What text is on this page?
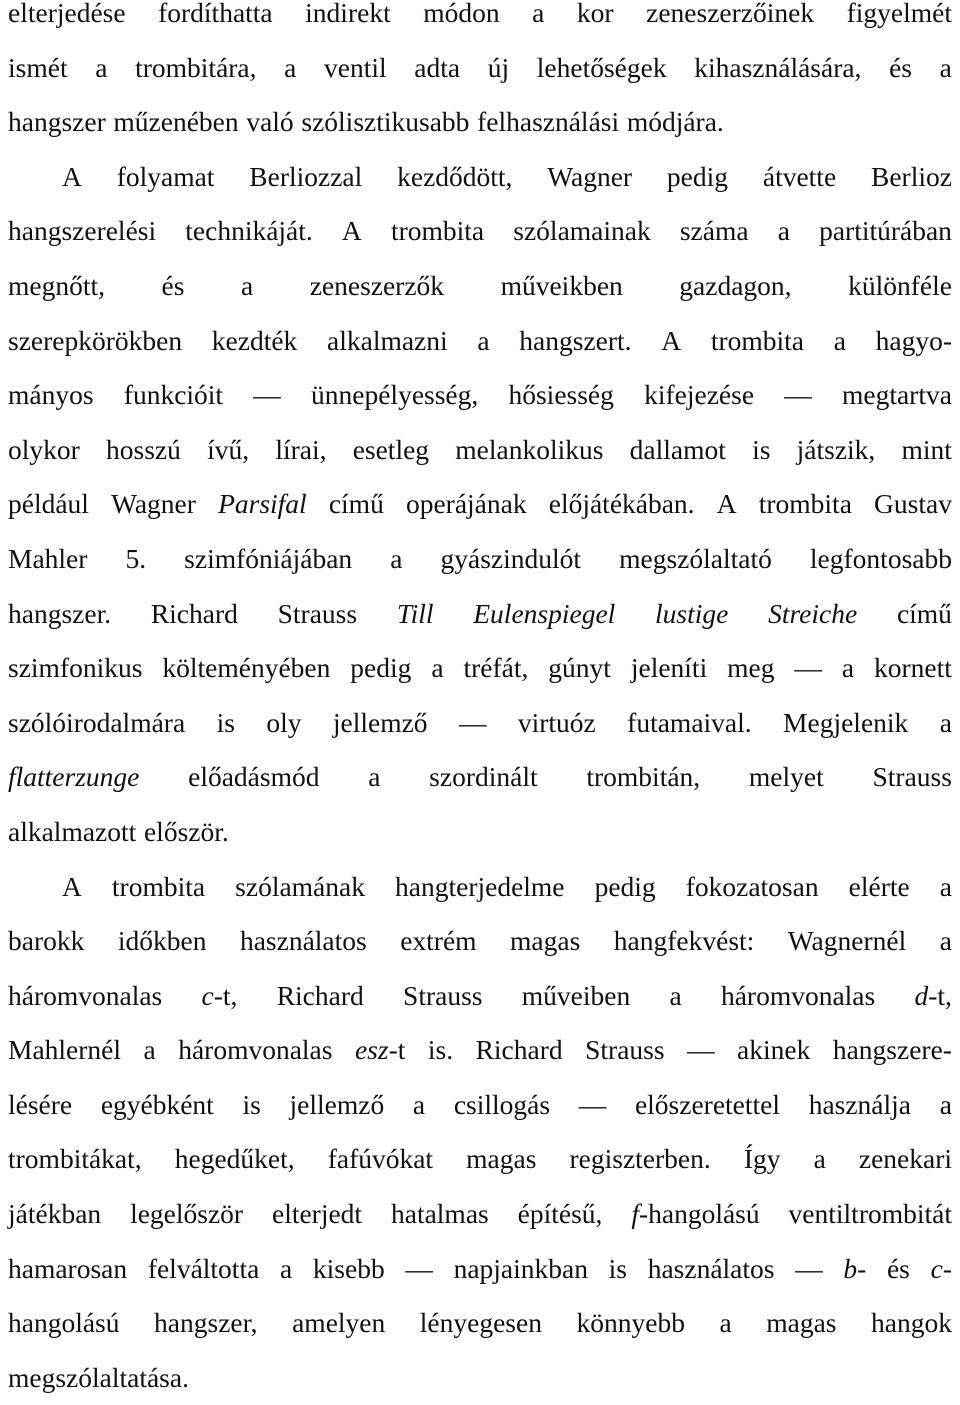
elterjedése fordíthatta indirekt módon a kor zeneszerzőinek figyelmét
ismét a trombitára, a ventil adta új lehetőségek kihasználására, és a
hangszer műzenében való szólisztikusabb felhasználási módjára.
A folyamat Berliozzal kezdődött, Wagner pedig átvette Berlioz
hangszerelési technikáját. A trombita szólamainak száma a partitúrában
megnőtt, és a zeneszerzők műveikben gazdagon, különféle
szerepkörökben kezdték alkalmazni a hangszert. A trombita a hagyo-
mányos funkcióit — ünnepélyesség, hősiesség kifejezése — megtartva
olykor hosszú ívű, lírai, esetleg melankolikus dallamot is játszik, mint
például Wagner Parsifal című operájának előjátékában. A trombita Gustav
Mahler 5. szimfóniájában a gyászindulót megszólaltató legfontosabb
hangszer. Richard Strauss Till Eulenspiegel lustige Streiche című
szimfonikus költeményében pedig a tréfát, gúnyt jeleníti meg — a kornett
szólóirodalmára is oly jellemző — virtuóz futamaival. Megjelenik a
flatterzunge előadásmód a szordinált trombitán, melyet Strauss
alkalmazott először.
A trombita szólamának hangterjedelme pedig fokozatosan elérte a
barokk időkben használatos extrém magas hangfekvést: Wagnernél a
háromvonalas c-t, Richard Strauss műveiben a háromvonalas d-t,
Mahlernél a háromvonalas esz-t is. Richard Strauss — akinek hangszere-
lésére egyébként is jellemző a csillogás — előszeretettel használja a
trombitákat, hegedűket, fafúvókat magas regiszterben. Így a zenekari
játékban legelőször elterjedt hatalmas építésű, f-hangolású ventiltrombitát
hamarosan felváltotta a kisebb — napjainkban is használatos — b- és c-
hangolású hangszer, amelyen lényegesen könnyebb a magas hangok
megszólaltatása.
